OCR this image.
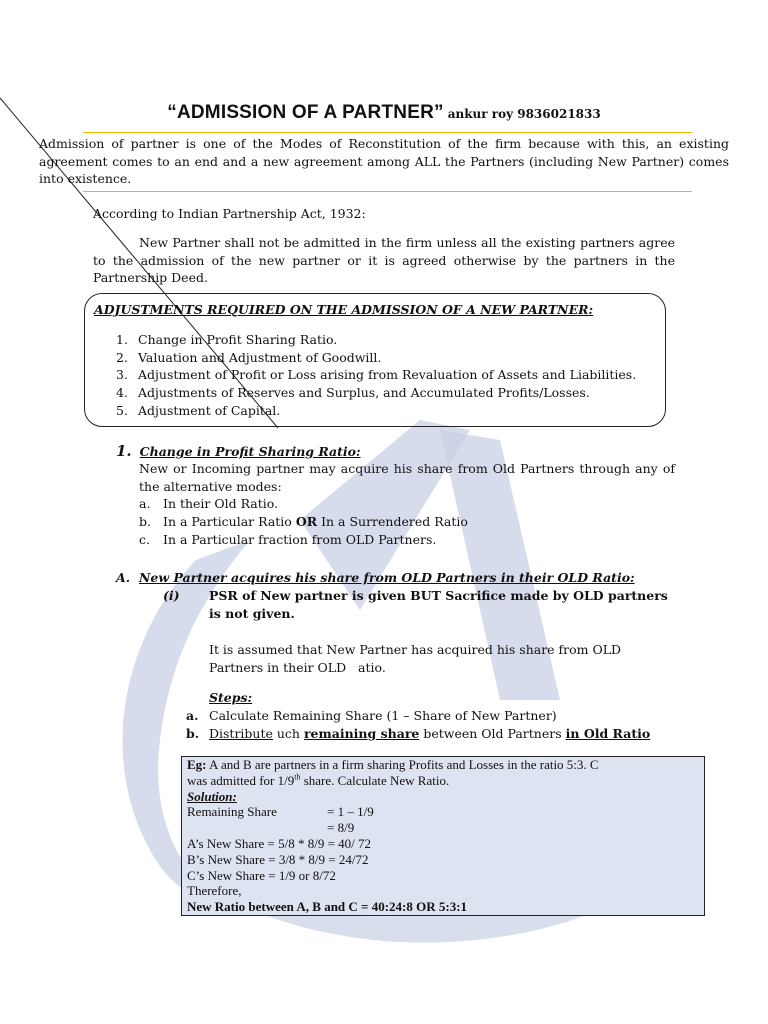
“ADMISSION OF A PARTNER” ankur roy 9836021833
Admission of partner is one of the Modes of Reconstitution of the firm because with this, an existing agreement comes to an end and a new agreement among ALL the Partners (including New Partner) comes into existence.
According to Indian Partnership Act, 1932:
New Partner shall not be admitted in the firm unless all the existing partners agree to the admission of the new partner or it is agreed otherwise by the partners in the Partnership Deed.
ADJUSTMENTS REQUIRED ON THE ADMISSION OF A NEW PARTNER:
1. Change in Profit Sharing Ratio.
2. Valuation and Adjustment of Goodwill.
3. Adjustment of Profit or Loss arising from Revaluation of Assets and Liabilities.
4. Adjustments of Reserves and Surplus, and Accumulated Profits/Losses.
5. Adjustment of Capital.
1. Change in Profit Sharing Ratio:
New or Incoming partner may acquire his share from Old Partners through any of the alternative modes:
a. In their Old Ratio.
b. In a Particular Ratio OR In a Surrendered Ratio
c. In a Particular fraction from OLD Partners.
A. New Partner acquires his share from OLD Partners in their OLD Ratio:
(i) PSR of New partner is given BUT Sacrifice made by OLD partners is not given.
It is assumed that New Partner has acquired his share from OLD Partners in their OLD   atio.
Steps:
a. Calculate Remaining Share (1 – Share of New Partner)
b. Distribute uch remaining share between Old Partners in Old Ratio
Eg: A and B are partners in a firm sharing Profits and Losses in the ratio 5:3. C
was admitted for 1/9th share. Calculate New Ratio.
Solution:
Remaining Share	= 1 – 1/9
= 8/9
A’s New Share = 5/8 * 8/9 = 40/ 72
B’s New Share = 3/8 * 8/9 = 24/72
C’s New Share = 1/9 or 8/72
Therefore,
New Ratio between A, B and C = 40:24:8 OR 5:3:1
